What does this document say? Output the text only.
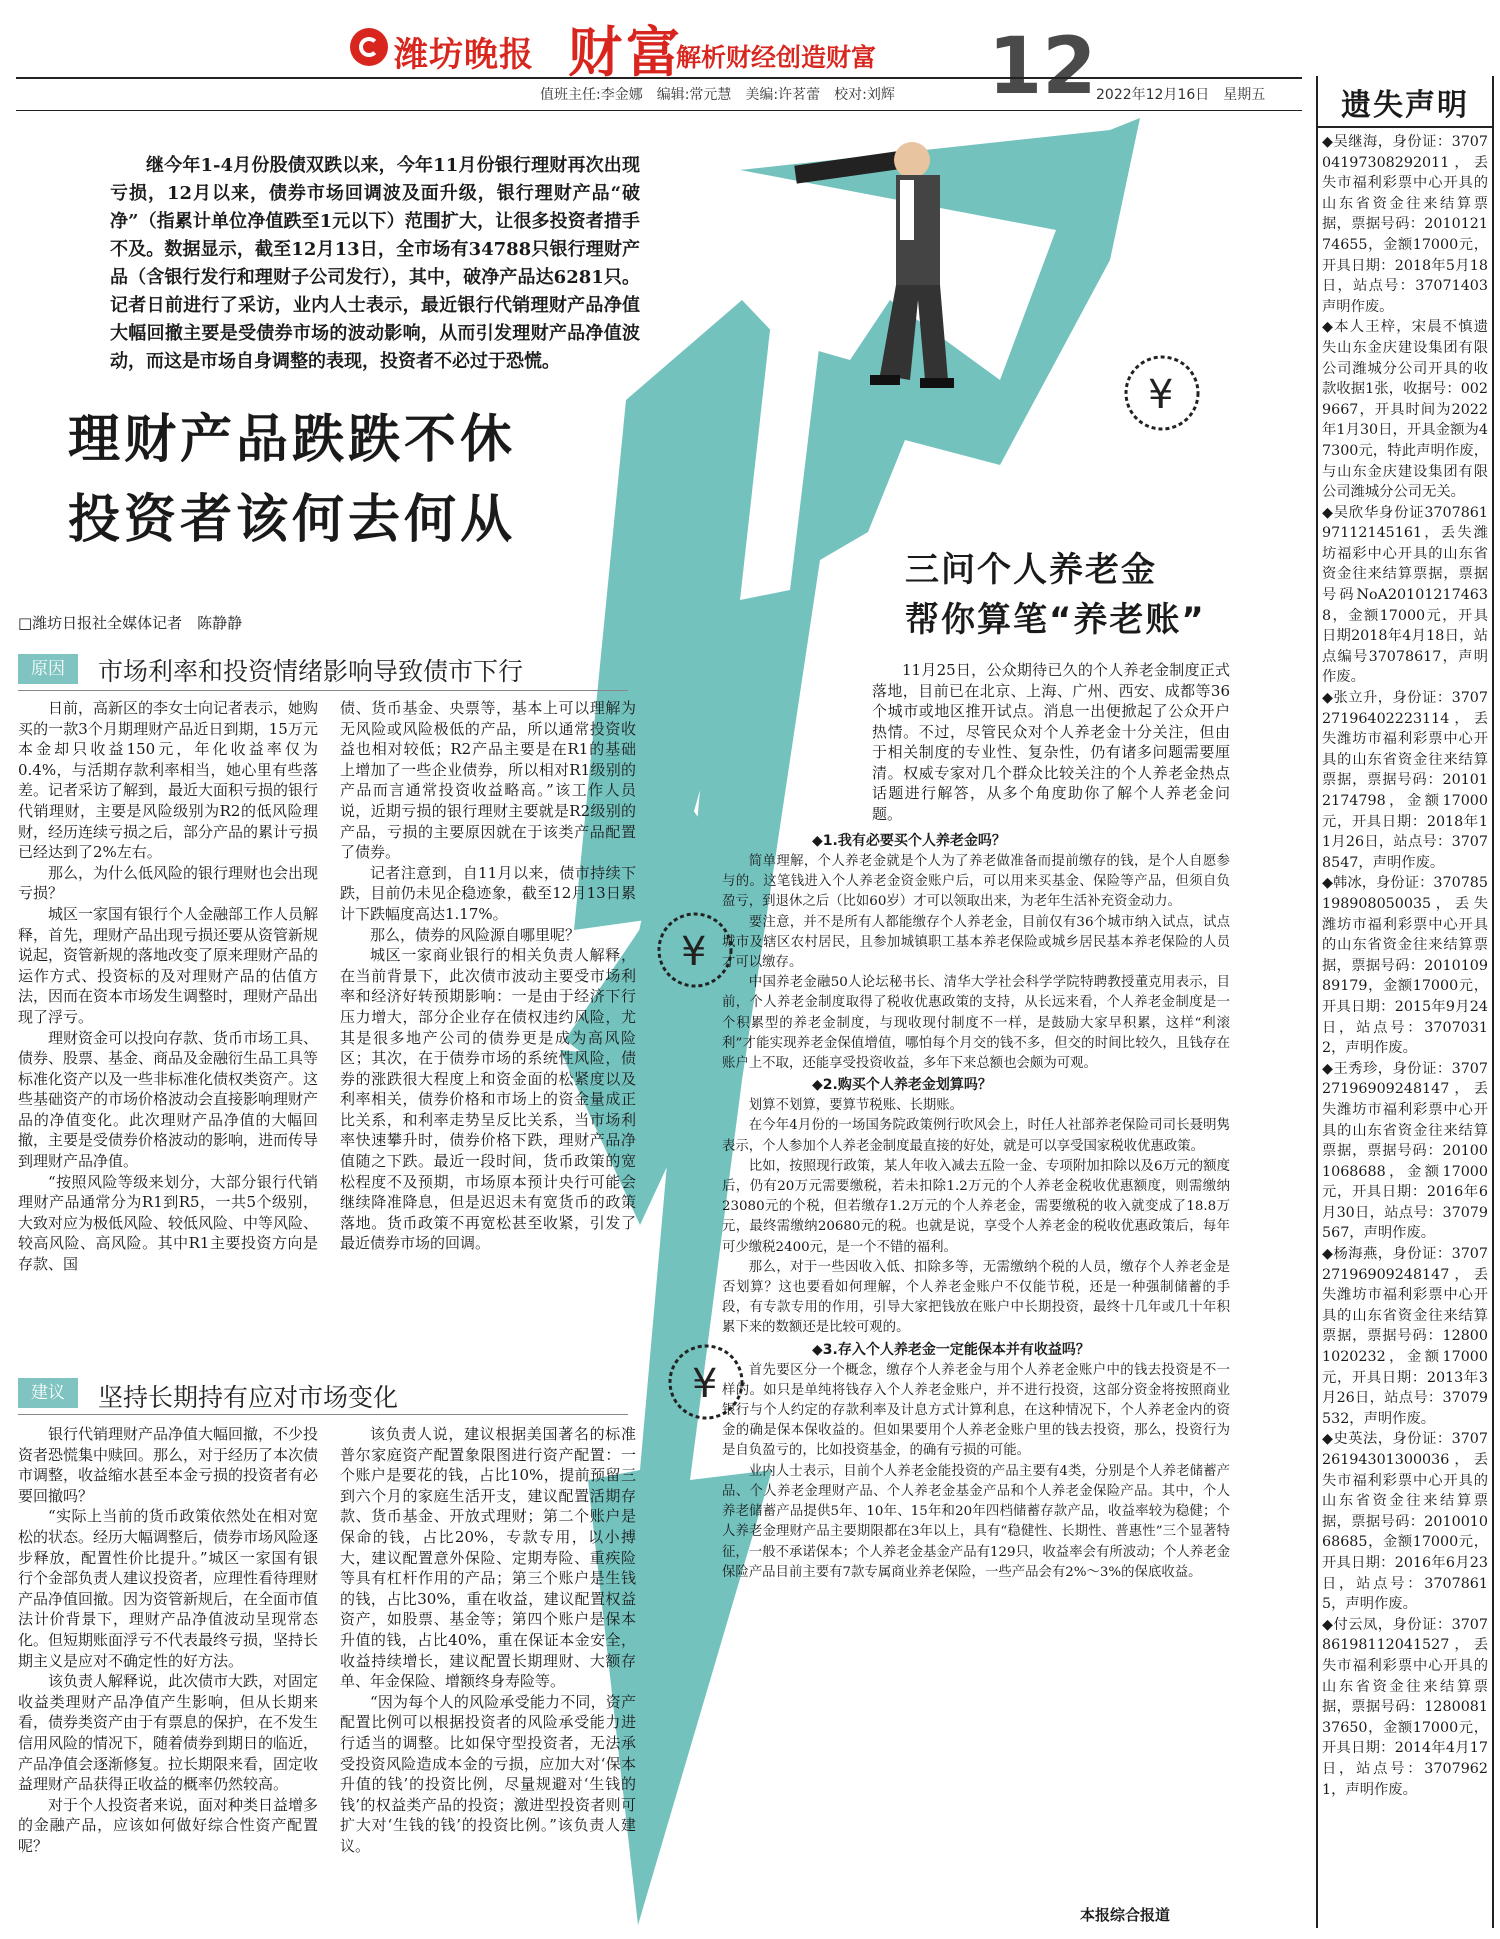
潍坊晚报 财富
解析财经创造财富 12
值班主任:李金娜　编辑:常元慧　美编:许茗蕾　校对:刘辉	2022年12月16日　星期五
¥
¥
¥
继今年1-4月份股债双跌以来，今年11月份银行理财再次出现亏损，12月以来，债券市场回调波及面升级，银行理财产品“破净”（指累计单位净值跌至1元以下）范围扩大，让很多投资者措手不及。数据显示，截至12月13日，全市场有34788只银行理财产品（含银行发行和理财子公司发行），其中，破净产品达6281只。记者日前进行了采访，业内人士表示，最近银行代销理财产品净值大幅回撤主要是受债券市场的波动影响，从而引发理财产品净值波动，而这是市场自身调整的表现，投资者不必过于恐慌。
理财产品跌跌不休
投资者该何去何从
□潍坊日报社全媒体记者　陈静静
原因	市场利率和投资情绪影响导致债市下行

日前，高新区的李女士向记者表示，她购买的一款3个月期理财产品近日到期，15万元本金却只收益150元，年化收益率仅为0.4%，与活期存款利率相当，她心里有些落差。记者采访了解到，最近大面积亏损的银行代销理财，主要是风险级别为R2的低风险理财，经历连续亏损之后，部分产品的累计亏损已经达到了2%左右。

那么，为什么低风险的银行理财也会出现亏损？

城区一家国有银行个人金融部工作人员解释，首先，理财产品出现亏损还要从资管新规说起，资管新规的落地改变了原来理财产品的运作方式、投资标的及对理财产品的估值方法，因而在资本市场发生调整时，理财产品出现了浮亏。

理财资金可以投向存款、货币市场工具、债券、股票、基金、商品及金融衍生品工具等标准化资产以及一些非标准化债权类资产。这些基础资产的市场价格波动会直接影响理财产品的净值变化。此次理财产品净值的大幅回撤，主要是受债券价格波动的影响，进而传导到理财产品净值。

“按照风险等级来划分，大部分银行代销理财产品通常分为R1到R5，一共5个级别，大致对应为极低风险、较低风险、中等风险、较高风险、高风险。其中R1主要投资方向是存款、国

债、货币基金、央票等，基本上可以理解为无风险或风险极低的产品，所以通常投资收益也相对较低；R2产品主要是在R1的基础上增加了一些企业债券，所以相对R1级别的产品而言通常投资收益略高。”该工作人员说，近期亏损的银行理财主要就是R2级别的产品，亏损的主要原因就在于该类产品配置了债券。

记者注意到，自11月以来，债市持续下跌，目前仍未见企稳迹象，截至12月13日累计下跌幅度高达1.17%。

那么，债券的风险源自哪里呢？

城区一家商业银行的相关负责人解释，在当前背景下，此次债市波动主要受市场利率和经济好转预期影响：一是由于经济下行压力增大，部分企业存在债权违约风险，尤其是很多地产公司的债券更是成为高风险区；其次，在于债券市场的系统性风险，债券的涨跌很大程度上和资金面的松紧度以及利率相关，债券价格和市场上的资金量成正比关系，和利率走势呈反比关系，当市场利率快速攀升时，债券价格下跌，理财产品净值随之下跌。最近一段时间，货币政策的宽松程度不及预期，市场原本预计央行可能会继续降准降息，但是迟迟未有宽货币的政策落地。货币政策不再宽松甚至收紧，引发了最近债券市场的回调。

建议	坚持长期持有应对市场变化

银行代销理财产品净值大幅回撤，不少投资者恐慌集中赎回。那么，对于经历了本次债市调整，收益缩水甚至本金亏损的投资者有必要回撤吗？

“实际上当前的货币政策依然处在相对宽松的状态。经历大幅调整后，债券市场风险逐步释放，配置性价比提升。”城区一家国有银行个金部负责人建议投资者，应理性看待理财产品净值回撤。因为资管新规后，在全面市值法计价背景下，理财产品净值波动呈现常态化。但短期账面浮亏不代表最终亏损，坚持长期主义是应对不确定性的好方法。

该负责人解释说，此次债市大跌，对固定收益类理财产品净值产生影响，但从长期来看，债券类资产由于有票息的保护，在不发生信用风险的情况下，随着债券到期日的临近，产品净值会逐渐修复。拉长期限来看，固定收益理财产品获得正收益的概率仍然较高。

对于个人投资者来说，面对种类日益增多的金融产品，应该如何做好综合性资产配置呢？

该负责人说，建议根据美国著名的标准普尔家庭资产配置象限图进行资产配置：一个账户是要花的钱，占比10%，提前预留三到六个月的家庭生活开支，建议配置活期存款、货币基金、开放式理财；第二个账户是保命的钱，占比20%，专款专用，以小搏大，建议配置意外保险、定期寿险、重疾险等具有杠杆作用的产品；第三个账户是生钱的钱，占比30%，重在收益，建议配置权益资产，如股票、基金等；第四个账户是保本升值的钱，占比40%，重在保证本金安全，收益持续增长，建议配置长期理财、大额存单、年金保险、增额终身寿险等。

“因为每个人的风险承受能力不同，资产配置比例可以根据投资者的风险承受能力进行适当的调整。比如保守型投资者，无法承受投资风险造成本金的亏损，应加大对‘保本升值的钱’的投资比例，尽量规避对‘生钱的钱’的权益类产品的投资；激进型投资者则可扩大对‘生钱的钱’的投资比例。”该负责人建议。

三问个人养老金
帮你算笔“养老账”

11月25日，公众期待已久的个人养老金制度正式落地，目前已在北京、上海、广州、西安、成都等36个城市或地区推开试点。消息一出便掀起了公众开户热情。不过，尽管民众对个人养老金十分关注，但由于相关制度的专业性、复杂性，仍有诸多问题需要厘清。权威专家对几个群众比较关注的个人养老金热点话题进行解答，从多个角度助你了解个人养老金问题。

◆1.我有必要买个人养老金吗？

简单理解，个人养老金就是个人为了养老做准备而提前缴存的钱，是个人自愿参与的。这笔钱进入个人养老金资金账户后，可以用来买基金、保险等产品，但须自负盈亏，到退休之后（比如60岁）才可以领取出来，为老年生活补充资金动力。

要注意，并不是所有人都能缴存个人养老金，目前仅有36个城市纳入试点，试点城市及辖区农村居民，且参加城镇职工基本养老保险或城乡居民基本养老保险的人员才可以缴存。

中国养老金融50人论坛秘书长、清华大学社会科学学院特聘教授董克用表示，目前，个人养老金制度取得了税收优惠政策的支持，从长远来看，个人养老金制度是一个积累型的养老金制度，与现收现付制度不一样，是鼓励大家早积累，这样“利滚利”才能实现养老金保值增值，哪怕每个月交的钱不多，但交的时间比较久，且钱存在账户上不取，还能享受投资收益，多年下来总额也会颇为可观。

◆2.购买个人养老金划算吗？

划算不划算，要算节税账、长期账。

在今年4月份的一场国务院政策例行吹风会上，时任人社部养老保险司司长聂明隽表示，个人参加个人养老金制度最直接的好处，就是可以享受国家税收优惠政策。

比如，按照现行政策，某人年收入减去五险一金、专项附加扣除以及6万元的额度后，仍有20万元需要缴税，若未扣除1.2万元的个人养老金税收优惠额度，则需缴纳23080元的个税，但若缴存1.2万元的个人养老金，需要缴税的收入就变成了18.8万元，最终需缴纳20680元的税。也就是说，享受个人养老金的税收优惠政策后，每年可少缴税2400元，是一个不错的福利。

那么，对于一些因收入低、扣除多等，无需缴纳个税的人员，缴存个人养老金是否划算？这也要看如何理解，个人养老金账户不仅能节税，还是一种强制储蓄的手段，有专款专用的作用，引导大家把钱放在账户中长期投资，最终十几年或几十年积累下来的数额还是比较可观的。

◆3.存入个人养老金一定能保本并有收益吗？

首先要区分一个概念，缴存个人养老金与用个人养老金账户中的钱去投资是不一样的。如只是单纯将钱存入个人养老金账户，并不进行投资，这部分资金将按照商业银行与个人约定的存款利率及计息方式计算利息，在这种情况下，个人养老金内的资金的确是保本保收益的。但如果要用个人养老金账户里的钱去投资，那么，投资行为是自负盈亏的，比如投资基金，的确有亏损的可能。

业内人士表示，目前个人养老金能投资的产品主要有4类，分别是个人养老储蓄产品、个人养老金理财产品、个人养老金基金产品和个人养老金保险产品。其中，个人养老储蓄产品提供5年、10年、15年和20年四档储蓄存款产品，收益率较为稳健；个人养老金理财产品主要期限都在3年以上，具有“稳健性、长期性、普惠性”三个显著特征，一般不承诺保本；个人养老金基金产品有129只，收益率会有所波动；个人养老金保险产品目前主要有7款专属商业养老保险，一些产品会有2%～3%的保底收益。

本报综合报道
遗失声明

◆吴继海，身份证：370704197308292011，丢失市福利彩票中心开具的山东省资金往来结算票据，票据号码：201012174655，金额17000元，开具日期：2018年5月18日，站点号：37071403声明作废。

◆本人王梓，宋晨不慎遗失山东金庆建设集团有限公司潍城分公司开具的收款收据1张，收据号：0029667，开具时间为2022年1月30日，开具金额为47300元，特此声明作废，与山东金庆建设集团有限公司潍城分公司无关。

◆吴欣华身份证370786197112145161，丢失潍坊福彩中心开具的山东省资金往来结算票据，票据号码NoA201012174638，金额17000元，开具日期2018年4月18日，站点编号37078617，声明作废。

◆张立升，身份证：370727196402223114，丢失潍坊市福利彩票中心开具的山东省资金往来结算票据，票据号码：201012174798，金额17000元，开具日期：2018年11月26日，站点号：37078547，声明作废。

◆韩冰，身份证：370785198908050035，丢失潍坊市福利彩票中心开具的山东省资金往来结算票据，票据号码：201010989179，金额17000元，开具日期：2015年9月24日，站点号：37070312，声明作废。

◆王秀珍，身份证：370727196909248147，丢失潍坊市福利彩票中心开具的山东省资金往来结算票据，票据号码：201001068688，金额17000元，开具日期：2016年6月30日，站点号：37079567，声明作废。

◆杨海燕，身份证：370727196909248147，丢失潍坊市福利彩票中心开具的山东省资金往来结算票据，票据号码：128001020232，金额17000元，开具日期：2013年3月26日，站点号：37079532，声明作废。

◆史英法，身份证：370726194301300036，丢失市福利彩票中心开具的山东省资金往来结算票据，票据号码：201001068685，金额17000元，开具日期：2016年6月23日，站点号：37078615，声明作废。

◆付云凤，身份证：370786198112041527，丢失市福利彩票中心开具的山东省资金往来结算票据，票据号码：128008137650，金额17000元，开具日期：2014年4月17日，站点号：37079621，声明作废。
